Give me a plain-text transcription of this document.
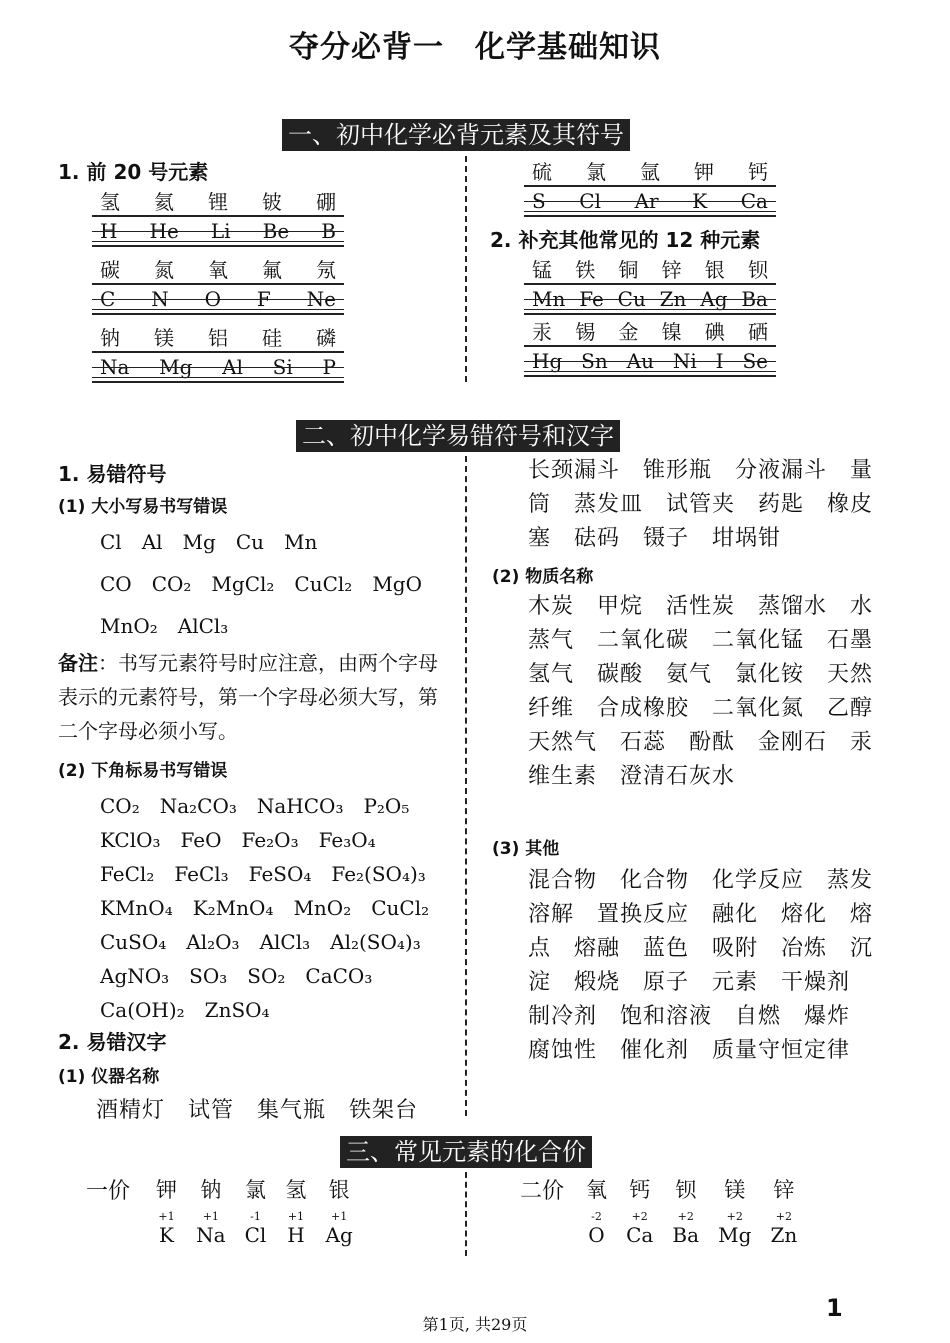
夺分必背一　化学基础知识
一、初中化学必背元素及其符号
1. 前 20 号元素
氢 氦 锂 铍 硼
H He Li Be B
碳 氮 氧 氟 氖
C N O F Ne
钠 镁 铝 硅 磷
Na Mg Al Si P
硫 氯 氩 钾 钙
S Cl Ar K Ca
2. 补充其他常见的 12 种元素
锰 铁 铜 锌 银 钡
Mn Fe Cu Zn Ag Ba
汞 锡 金 镍 碘 硒
Hg Sn Au Ni I Se
二、初中化学易错符号和汉字
1. 易错符号
(1) 大小写易书写错误
Cl　Al　Mg　Cu　Mn
CO　CO₂　MgCl₂　CuCl₂　MgO
MnO₂　AlCl₃
备注：书写元素符号时应注意，由两个字母表示的元素符号，第一个字母必须大写，第二个字母必须小写。
(2) 下角标易书写错误
CO₂　Na₂CO₃　NaHCO₃　P₂O₅
KClO₃　FeO　Fe₂O₃　Fe₃O₄
FeCl₂　FeCl₃　FeSO₄　Fe₂(SO₄)₃
KMnO₄　K₂MnO₄　MnO₂　CuCl₂
CuSO₄　Al₂O₃　AlCl₃　Al₂(SO₄)₃
AgNO₃　SO₃　SO₂　CaCO₃
Ca(OH)₂　ZnSO₄
2. 易错汉字
(1) 仪器名称
酒精灯　试管　集气瓶　铁架台
长颈漏斗　锥形瓶　分液漏斗　量筒　蒸发皿　试管夹　药匙　橡皮塞　砝码　镊子　坩埚钳
(2) 物质名称
木炭　甲烷　活性炭　蒸馏水　水蒸气　二氧化碳　二氧化锰　石墨　氢气　碳酸　氨气　氯化铵　天然纤维　合成橡胶　二氧化氮　乙醇　天然气　石蕊　酚酞　金刚石　汞　维生素　澄清石灰水
(3) 其他
混合物　化合物　化学反应　蒸发　溶解　置换反应　融化　熔化　熔点　熔融　蓝色　吸附　冶炼　沉淀　煅烧　原子　元素　干燥剂　制冷剂　饱和溶液　自燃　爆炸　腐蚀性　催化剂　质量守恒定律
三、常见元素的化合价
一价 钾
+1
K

钠
+1
Na

氯
-1
Cl

氢
+1
H

银
+1
Ag
二价 氧
-2
O

钙
+2
Ca

钡
+2
Ba

镁
+2
Mg

锌
+2
Zn
1
第1页, 共29页
